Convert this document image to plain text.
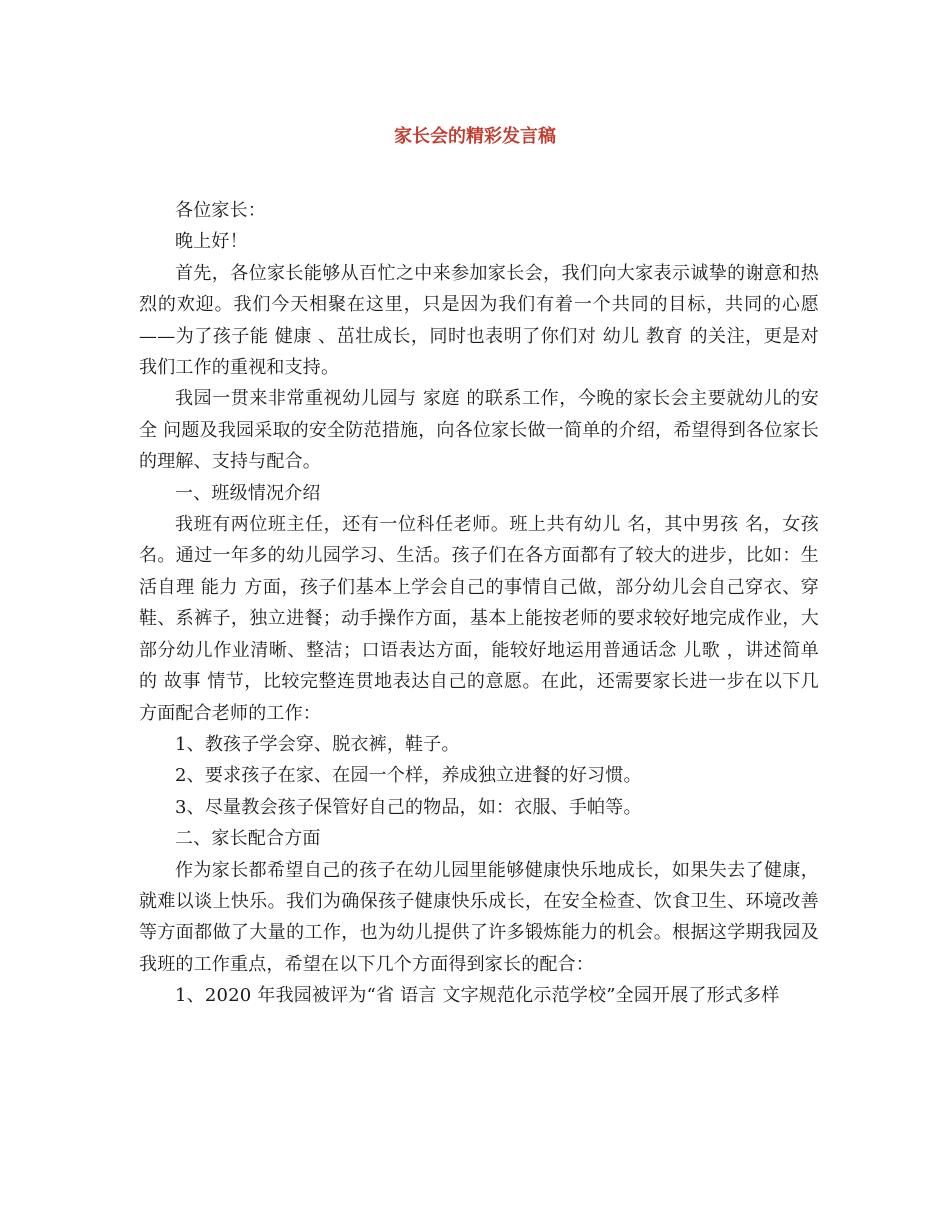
家长会的精彩发言稿

各位家长：

晚上好！

首先，各位家长能够从百忙之中来参加家长会，我们向大家表示诚挚的谢意和热烈的欢迎。我们今天相聚在这里，只是因为我们有着一个共同的目标，共同的心愿——为了孩子能 健康 、茁壮成长，同时也表明了你们对 幼儿 教育 的关注，更是对我们工作的重视和支持。

我园一贯来非常重视幼儿园与 家庭 的联系工作，今晚的家长会主要就幼儿的安全 问题及我园采取的安全防范措施，向各位家长做一简单的介绍，希望得到各位家长的理解、支持与配合。

一、班级情况介绍

我班有两位班主任，还有一位科任老师。班上共有幼儿 名，其中男孩 名，女孩 名。通过一年多的幼儿园学习、生活。孩子们在各方面都有了较大的进步，比如：生活自理 能力 方面，孩子们基本上学会自己的事情自己做，部分幼儿会自己穿衣、穿鞋、系裤子，独立进餐；动手操作方面，基本上能按老师的要求较好地完成作业，大部分幼儿作业清晰、整洁；口语表达方面，能较好地运用普通话念 儿歌 ，讲述简单的 故事 情节，比较完整连贯地表达自己的意愿。在此，还需要家长进一步在以下几方面配合老师的工作：

1、教孩子学会穿、脱衣裤，鞋子。

2、要求孩子在家、在园一个样，养成独立进餐的好习惯。

3、尽量教会孩子保管好自己的物品，如：衣服、手帕等。

二、家长配合方面

作为家长都希望自己的孩子在幼儿园里能够健康快乐地成长，如果失去了健康，就难以谈上快乐。我们为确保孩子健康快乐成长，在安全检查、饮食卫生、环境改善等方面都做了大量的工作，也为幼儿提供了许多锻炼能力的机会。根据这学期我园及我班的工作重点，希望在以下几个方面得到家长的配合：

1、2020 年我园被评为“省 语言 文字规范化示范学校”全园开展了形式多样
